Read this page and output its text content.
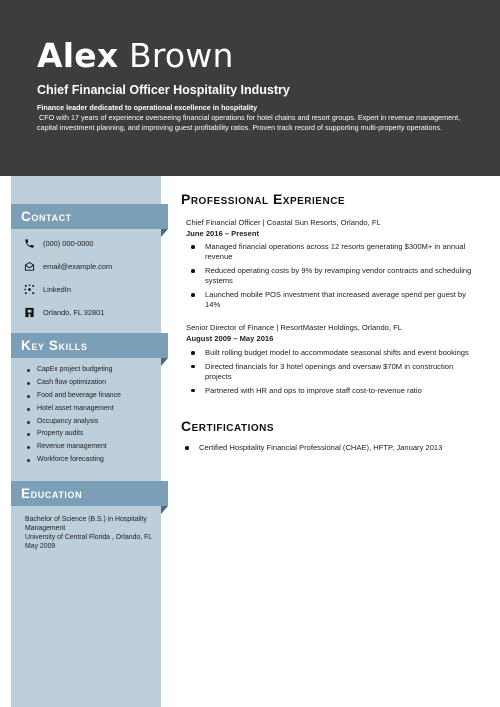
Alex Brown
Chief Financial Officer Hospitality Industry
Finance leader dedicated to operational excellence in hospitality
CFO with 17 years of experience overseeing financial operations for hotel chains and resort groups. Expert in revenue management, capital investment planning, and improving guest profitability ratios. Proven track record of supporting multi-property operations.
Contact
(000) 000-0000
email@example.com
LinkedIn
Orlando, FL 32801
Key Skills
CapEx project budgeting
Cash flow optimization
Food and beverage finance
Hotel asset management
Occupancy analysis
Property audits
Revenue management
Workforce forecasting
Education
Bachelor of Science (B.S.) in Hospitality Management
University of Central Florida , Orlando, FL
May 2009
Professional Experience
Chief Financial Officer | Coastal Sun Resorts, Orlando, FL
June 2016 – Present
Managed financial operations across 12 resorts generating $300M+ in annual revenue
Reduced operating costs by 9% by revamping vendor contracts and scheduling systems
Launched mobile POS investment that increased average spend per guest by 14%
Senior Director of Finance | ResortMaster Holdings, Orlando, FL
August 2009 – May 2016
Built rolling budget model to accommodate seasonal shifts and event bookings
Directed financials for 3 hotel openings and oversaw $70M in construction projects
Partnered with HR and ops to improve staff cost-to-revenue ratio
Certifications
Certified Hospitality Financial Professional (CHAE), HFTP, January 2013
